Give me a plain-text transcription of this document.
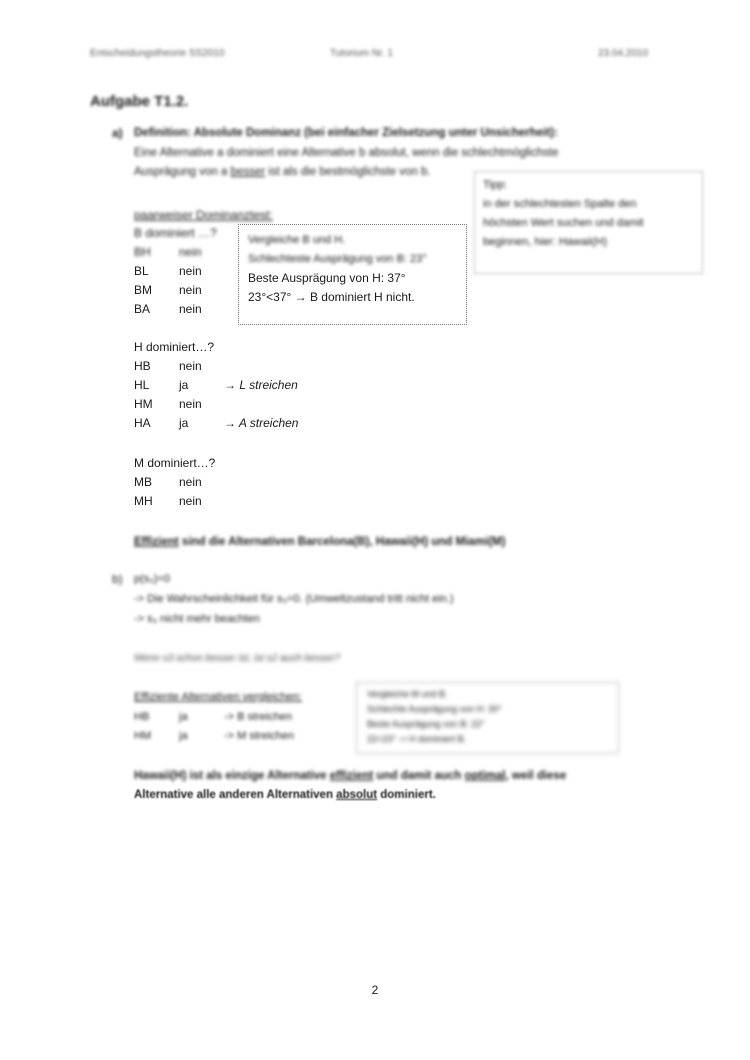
Entscheidungstheorie SS2010	Tutorium Nr. 1	23.04.2010
Aufgabe T1.2.
a) Definition: Absolute Dominanz (bei einfacher Zielsetzung unter Unsicherheit):
Eine Alternative a dominiert eine Alternative b absolut, wenn die schlechtmöglichste
Ausprägung von a besser ist als die bestmöglichste von b.
paarweiser Dominanztest:
B dominiert …?
BH nein
BL	nein
BM nein
BA nein
H dominiert…?
HB nein
HL ja	→ L streichen
HM nein
HA ja	→ A streichen
M dominiert…?
MB nein
MH nein
Effizient sind die Alternativen Barcelona(B), Hawaii(H) und Miami(M)
Tipp:
in der schlechtesten Spalte den
höchsten Wert suchen und damit
beginnen, hier: Hawaii(H)
Vergleiche B und H.
Schlechteste Ausprägung von B: 23°
Beste Ausprägung von H: 37°
23°<37° → B dominiert H nicht.
b) p(s₃)=0
-> Die Wahrscheinlichkeit für s₃=0. (Umweltzustand tritt nicht ein.)
-> s₃ nicht mehr beachten
Wenn s3 schon besser ist, ist s2 auch besser?
Effiziente Alternativen vergleichen:
HB	ja	-> B streichen
HM	ja	-> M streichen
Vergleiche M und B.
Schlechte Ausprägung von H: 30°
Beste Ausprägung von B: 22°
22<23° -> H dominiert B.
Hawaii(H) ist als einzige Alternative effizient und damit auch optimal, weil diese
Alternative alle anderen Alternativen absolut dominiert.
2
